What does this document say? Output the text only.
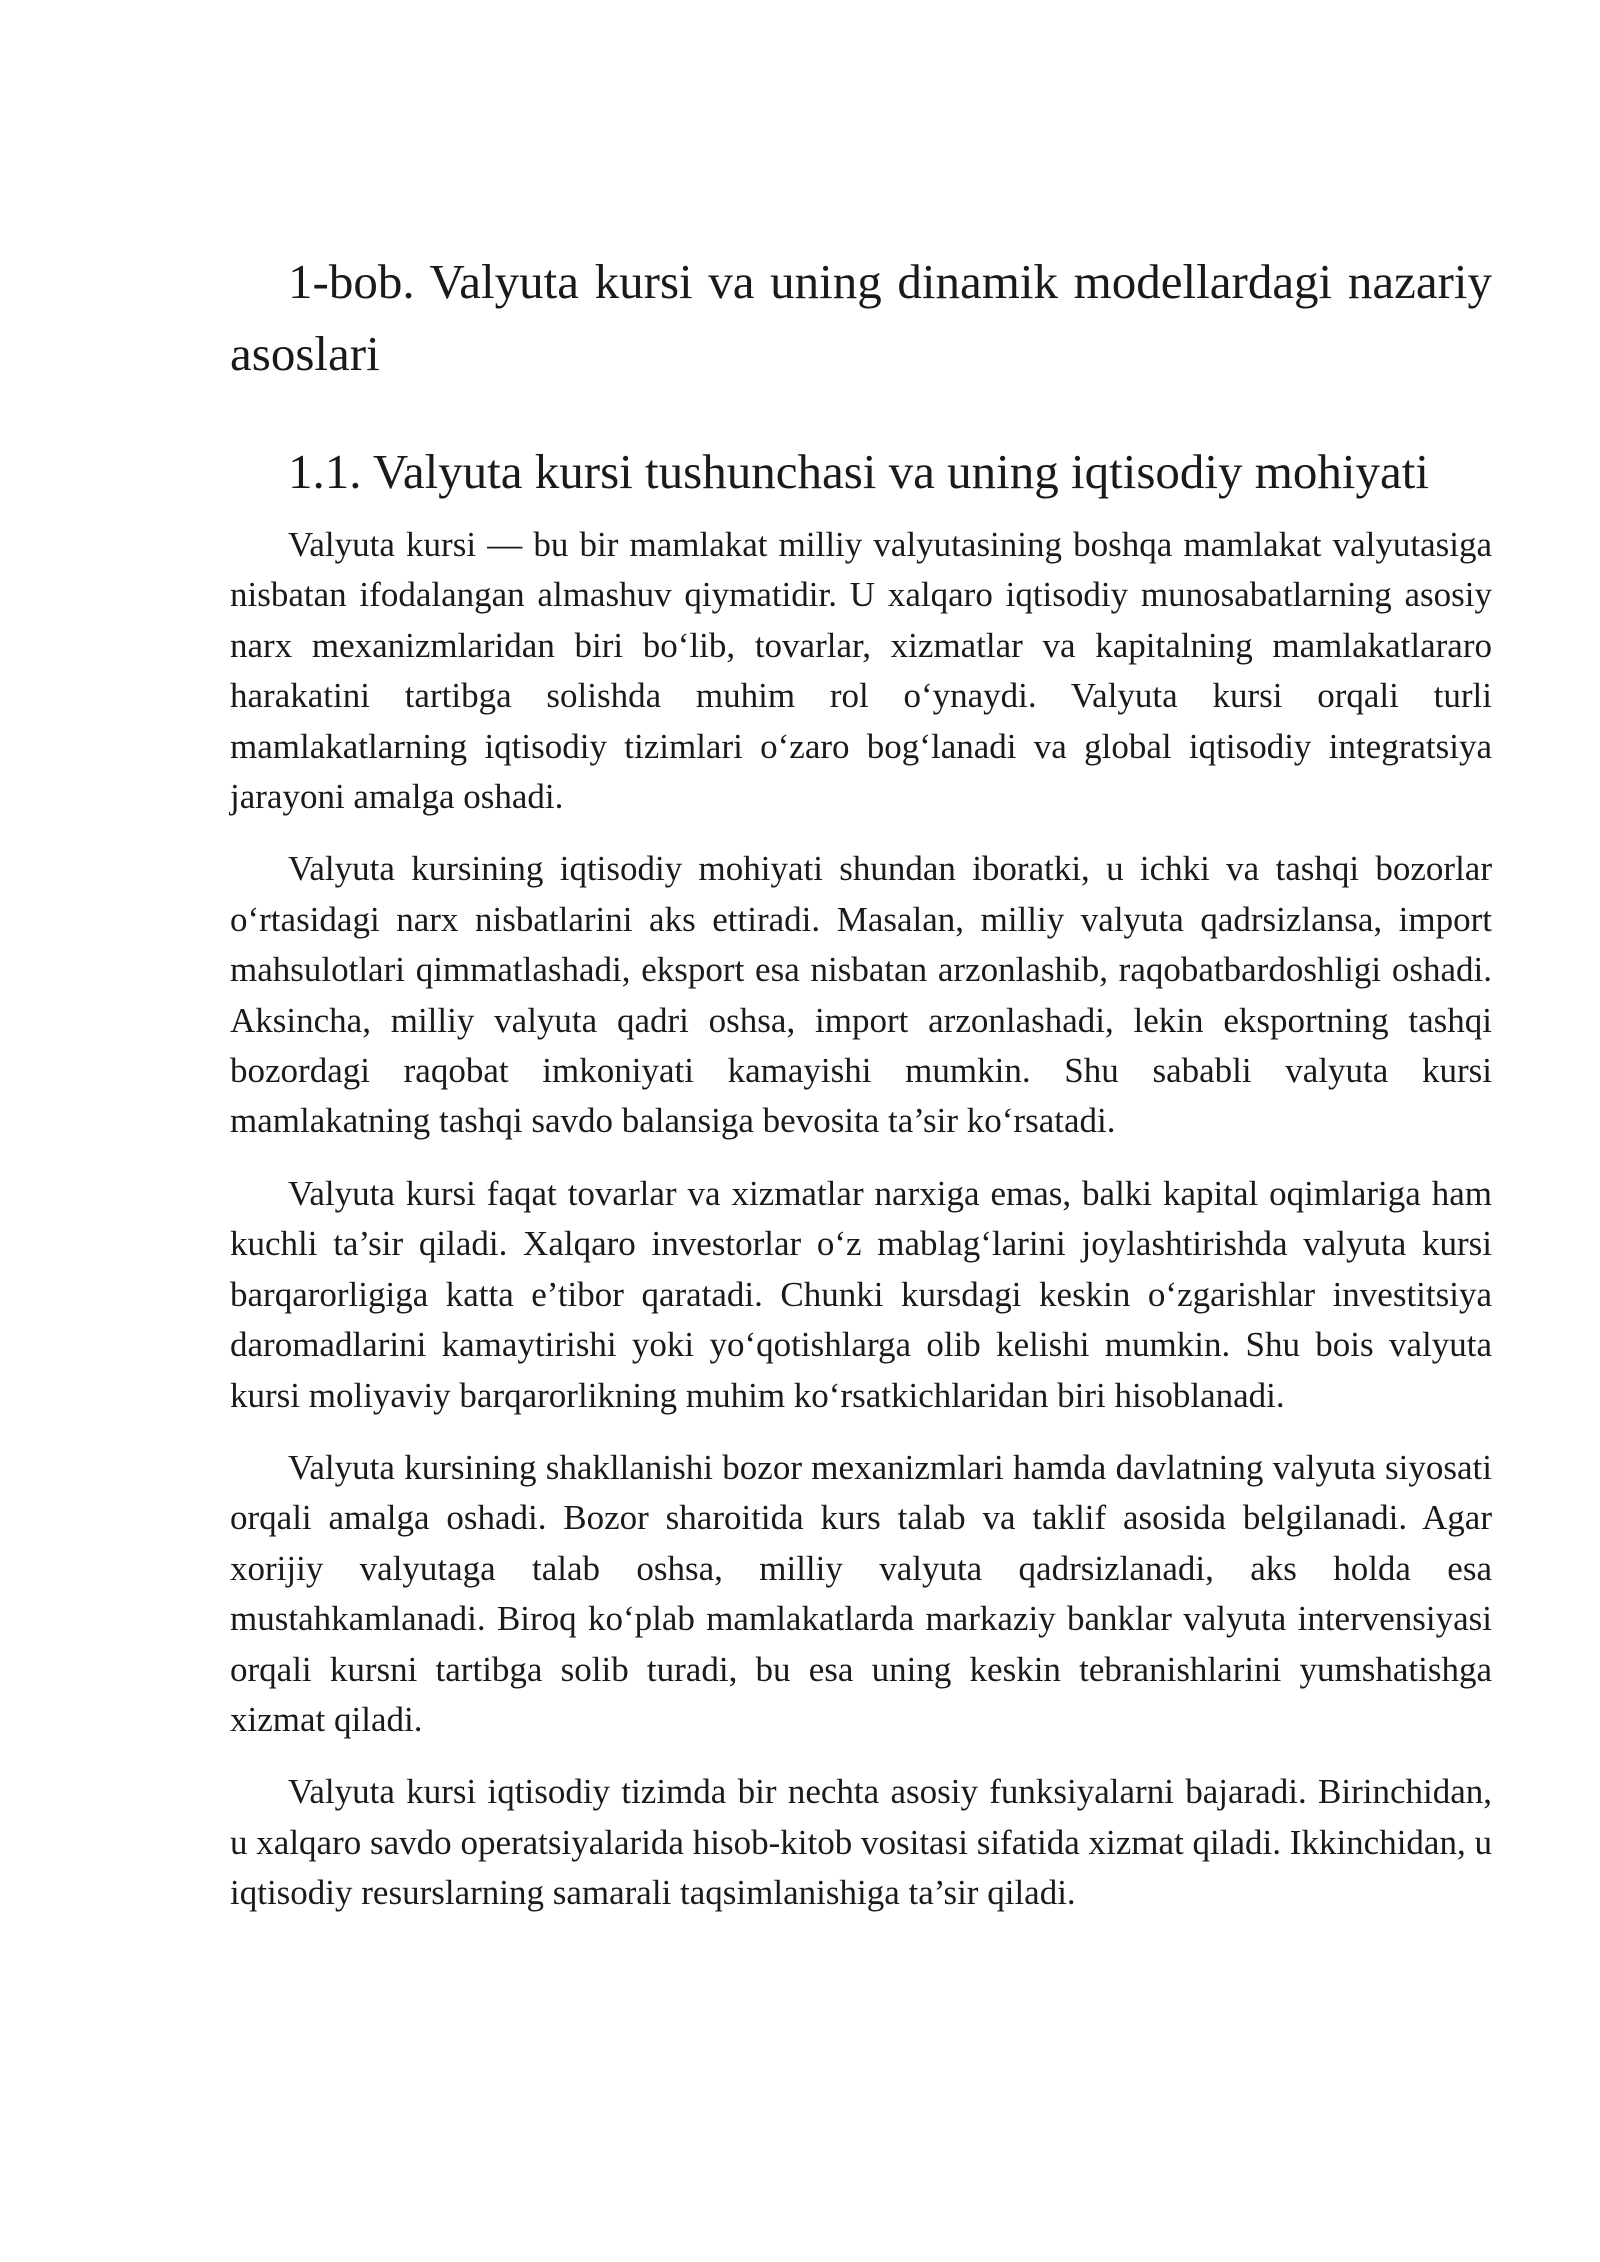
1-bob. Valyuta kursi va uning dinamik modellardagi nazariy asoslari
1.1. Valyuta kursi tushunchasi va uning iqtisodiy mohiyati

Valyuta kursi — bu bir mamlakat milliy valyutasining boshqa mamlakat valyutasiga nisbatan ifodalangan almashuv qiymatidir. U xalqaro iqtisodiy munosabatlarning asosiy narx mexanizmlaridan biri bo‘lib, tovarlar, xizmatlar va kapitalning mamlakatlararo harakatini tartibga solishda muhim rol o‘ynaydi. Valyuta kursi orqali turli mamlakatlarning iqtisodiy tizimlari o‘zaro bog‘lanadi va global iqtisodiy integratsiya jarayoni amalga oshadi.

Valyuta kursining iqtisodiy mohiyati shundan iboratki, u ichki va tashqi bozorlar o‘rtasidagi narx nisbatlarini aks ettiradi. Masalan, milliy valyuta qadrsizlansa, import mahsulotlari qimmatlashadi, eksport esa nisbatan arzonlashib, raqobatbardoshligi oshadi. Aksincha, milliy valyuta qadri oshsa, import arzonlashadi, lekin eksportning tashqi bozordagi raqobat imkoniyati kamayishi mumkin. Shu sababli valyuta kursi mamlakatning tashqi savdo balansiga bevosita ta’sir ko‘rsatadi.

Valyuta kursi faqat tovarlar va xizmatlar narxiga emas, balki kapital oqimlariga ham kuchli ta’sir qiladi. Xalqaro investorlar o‘z mablag‘larini joylashtirishda valyuta kursi barqarorligiga katta e’tibor qaratadi. Chunki kursdagi keskin o‘zgarishlar investitsiya daromadlarini kamaytirishi yoki yo‘qotishlarga olib kelishi mumkin. Shu bois valyuta kursi moliyaviy barqarorlikning muhim ko‘rsatkichlaridan biri hisoblanadi.

Valyuta kursining shakllanishi bozor mexanizmlari hamda davlatning valyuta siyosati orqali amalga oshadi. Bozor sharoitida kurs talab va taklif asosida belgilanadi. Agar xorijiy valyutaga talab oshsa, milliy valyuta qadrsizlanadi, aks holda esa mustahkamlanadi. Biroq ko‘plab mamlakatlarda markaziy banklar valyuta intervensiyasi orqali kursni tartibga solib turadi, bu esa uning keskin tebranishlarini yumshatishga xizmat qiladi.

Valyuta kursi iqtisodiy tizimda bir nechta asosiy funksiyalarni bajaradi. Birinchidan, u xalqaro savdo operatsiyalarida hisob-kitob vositasi sifatida xizmat qiladi. Ikkinchidan, u iqtisodiy resurslarning samarali taqsimlanishiga ta’sir qiladi.
